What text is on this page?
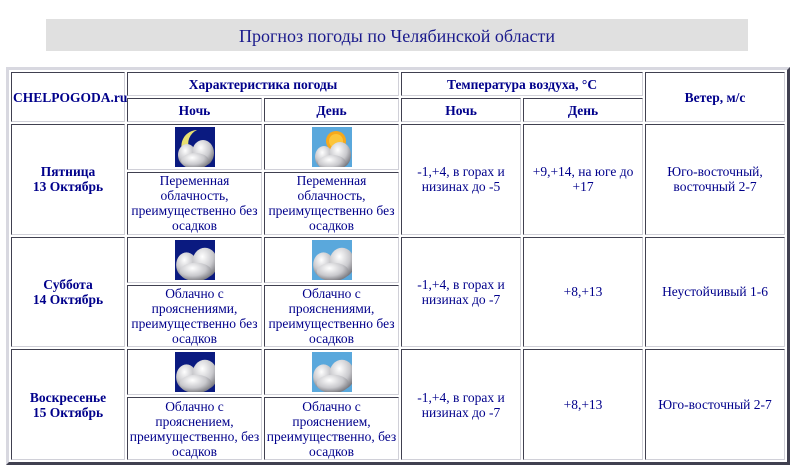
Прогноз погоды по Челябинской области
CHELPOGODA.ru	Характеристика погоды		Температура воздуха, °С		Ветер, м/с
	Ночь	День	Ночь	День	
Пятница
13 Октябрь			-1,+4, в горах и низинах до -5	+9,+14, на юге до +17	Юго-восточный, восточный 2-7
	Переменная облачность, преимущественно без осадков	Переменная облачность, преимущественно без осадков			
Суббота
14 Октябрь			-1,+4, в горах и низинах до -7	+8,+13	Неустойчивый 1-6
	Облачно с прояснениями, преимущественно без осадков	Облачно с прояснениями, преимущественно без осадков			
Воскресенье
15 Октябрь			-1,+4, в горах и низинах до -7	+8,+13	Юго-восточный 2-7
	Облачно с прояснением, преимущественно, без осадков	Облачно с прояснением, преимущественно, без осадков			
